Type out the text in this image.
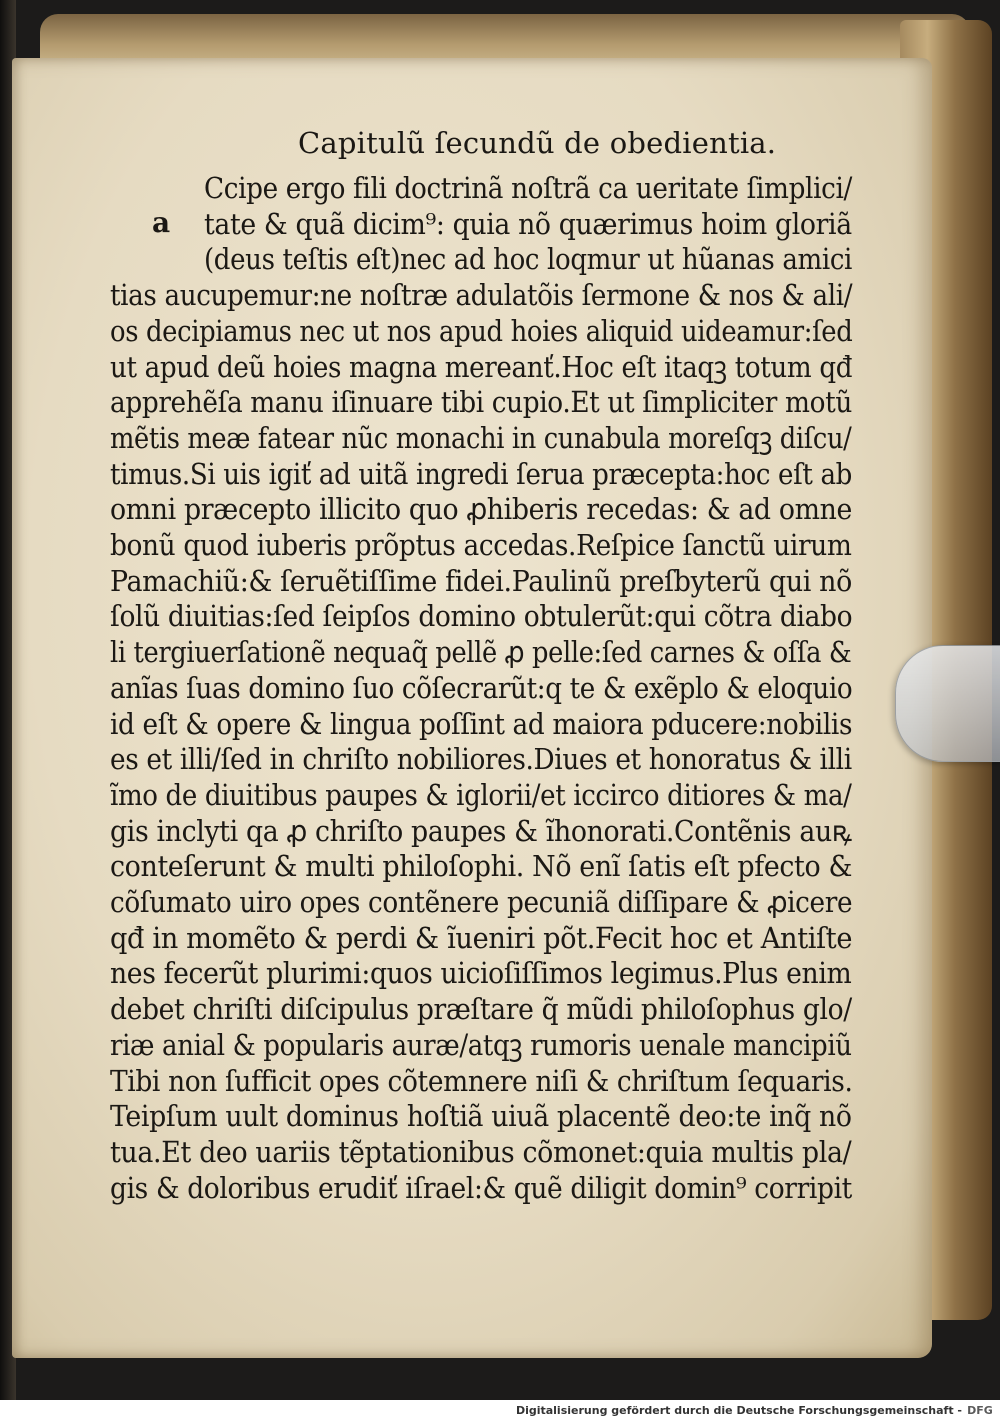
Capitulũ ſecundũ de obedientia.
a
Ccipe ergo fili doctrinã noſtrã ca ueritate ſimplici/
tate & quã dicim⁹: quia nõ quærimus hoim gloriã
(deus teſtis eſt)nec ad hoc loqmur ut hũanas amici
tias aucupemur:ne noſtræ adulatõis ſermone & nos & ali/
os decipiamus nec ut nos apud hoies aliquid uideamur:ſed
ut apud deũ hoies magna mereanť.Hoc eſt itaqꝫ totum qđ
apprehẽſa manu iſinuare tibi cupio.Et ut ſimpliciter motũ
mẽtis meæ fatear nũc monachi in cunabula moreſqꝫ diſcu/
timus.Si uis igiť ad uitã ingredi ſerua præcepta:hoc eſt ab
omni præcepto illicito quo ꝓhiberis recedas: & ad omne
bonũ quod iuberis prõptus accedas.Reſpice ſanctũ uirum
Pamachiũ:& ſeruẽtiſſime fidei.Paulinũ preſbyterũ qui nõ
ſolũ diuitias:ſed ſeipſos domino obtulerũt:qui cõtra diabo
li tergiuerſationẽ nequaq̃ pellẽ ꝓ pelle:ſed carnes & oſſa &
anĩas ſuas domino ſuo cõſecrarũt:q te & exẽplo & eloquio
id eſt & opere & lingua poſſint ad maiora pducere:nobilis
es et illi/ſed in chriſto nobiliores.Diues et honoratus & illi
ĩmo de diuitibus paupes & iglorii/et iccirco ditiores & ma/
gis inclyti qa ꝓ chriſto paupes & ĩhonorati.Contẽnis auꝶ
conteſerunt & multi philoſophi. Nõ enĩ ſatis eſt pfecto &
cõſumato uiro opes contẽnere pecuniã diſſipare & ꝓicere
qđ in momẽto & perdi & ĩueniri põt.Fecit hoc et Antiſte
nes fecerũt plurimi:quos uicioſiſſimos legimus.Plus enim
debet chriſti diſcipulus præſtare q̃ mũdi philoſophus glo/
riæ anial & popularis auræ/atqꝫ rumoris uenale mancipiũ
Tibi non ſufficit opes cõtemnere niſi & chriſtum ſequaris.
Teipſum uult dominus hoſtiã uiuã placentẽ deo:te inq̃ nõ
tua.Et deo uariis tẽptationibus cõmonet:quia multis pla/
gis & doloribus erudiť iſrael:& quẽ diligit domin⁹ corripit
Digitalisierung gefördert durch die Deutsche Forschungsgemeinschaft - DFG
